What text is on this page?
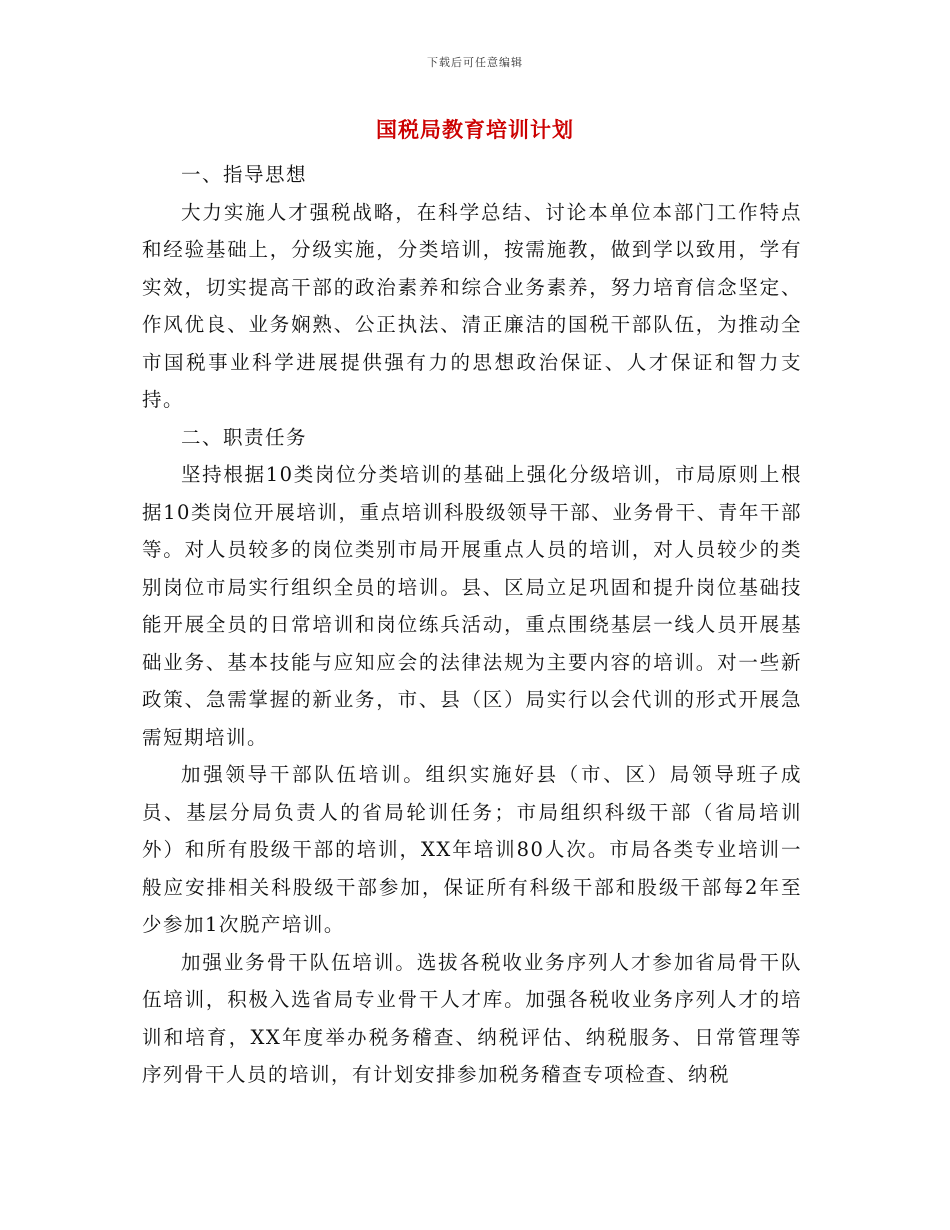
下载后可任意编辑
国税局教育培训计划

一、指导思想

大力实施人才强税战略，在科学总结、讨论本单位本部门工作特点和经验基础上，分级实施，分类培训，按需施教，做到学以致用，学有实效，切实提高干部的政治素养和综合业务素养，努力培育信念坚定、作风优良、业务娴熟、公正执法、清正廉洁的国税干部队伍，为推动全市国税事业科学进展提供强有力的思想政治保证、人才保证和智力支持。

二、职责任务

坚持根据10类岗位分类培训的基础上强化分级培训，市局原则上根据10类岗位开展培训，重点培训科股级领导干部、业务骨干、青年干部等。对人员较多的岗位类别市局开展重点人员的培训，对人员较少的类别岗位市局实行组织全员的培训。县、区局立足巩固和提升岗位基础技能开展全员的日常培训和岗位练兵活动，重点围绕基层一线人员开展基础业务、基本技能与应知应会的法律法规为主要内容的培训。对一些新政策、急需掌握的新业务，市、县（区）局实行以会代训的形式开展急需短期培训。

加强领导干部队伍培训。组织实施好县（市、区）局领导班子成员、基层分局负责人的省局轮训任务；市局组织科级干部（省局培训外）和所有股级干部的培训，XX年培训80人次。市局各类专业培训一般应安排相关科股级干部参加，保证所有科级干部和股级干部每2年至少参加1次脱产培训。

加强业务骨干队伍培训。选拔各税收业务序列人才参加省局骨干队伍培训，积极入选省局专业骨干人才库。加强各税收业务序列人才的培训和培育，XX年度举办税务稽查、纳税评估、纳税服务、日常管理等序列骨干人员的培训，有计划安排参加税务稽查专项检查、纳税
